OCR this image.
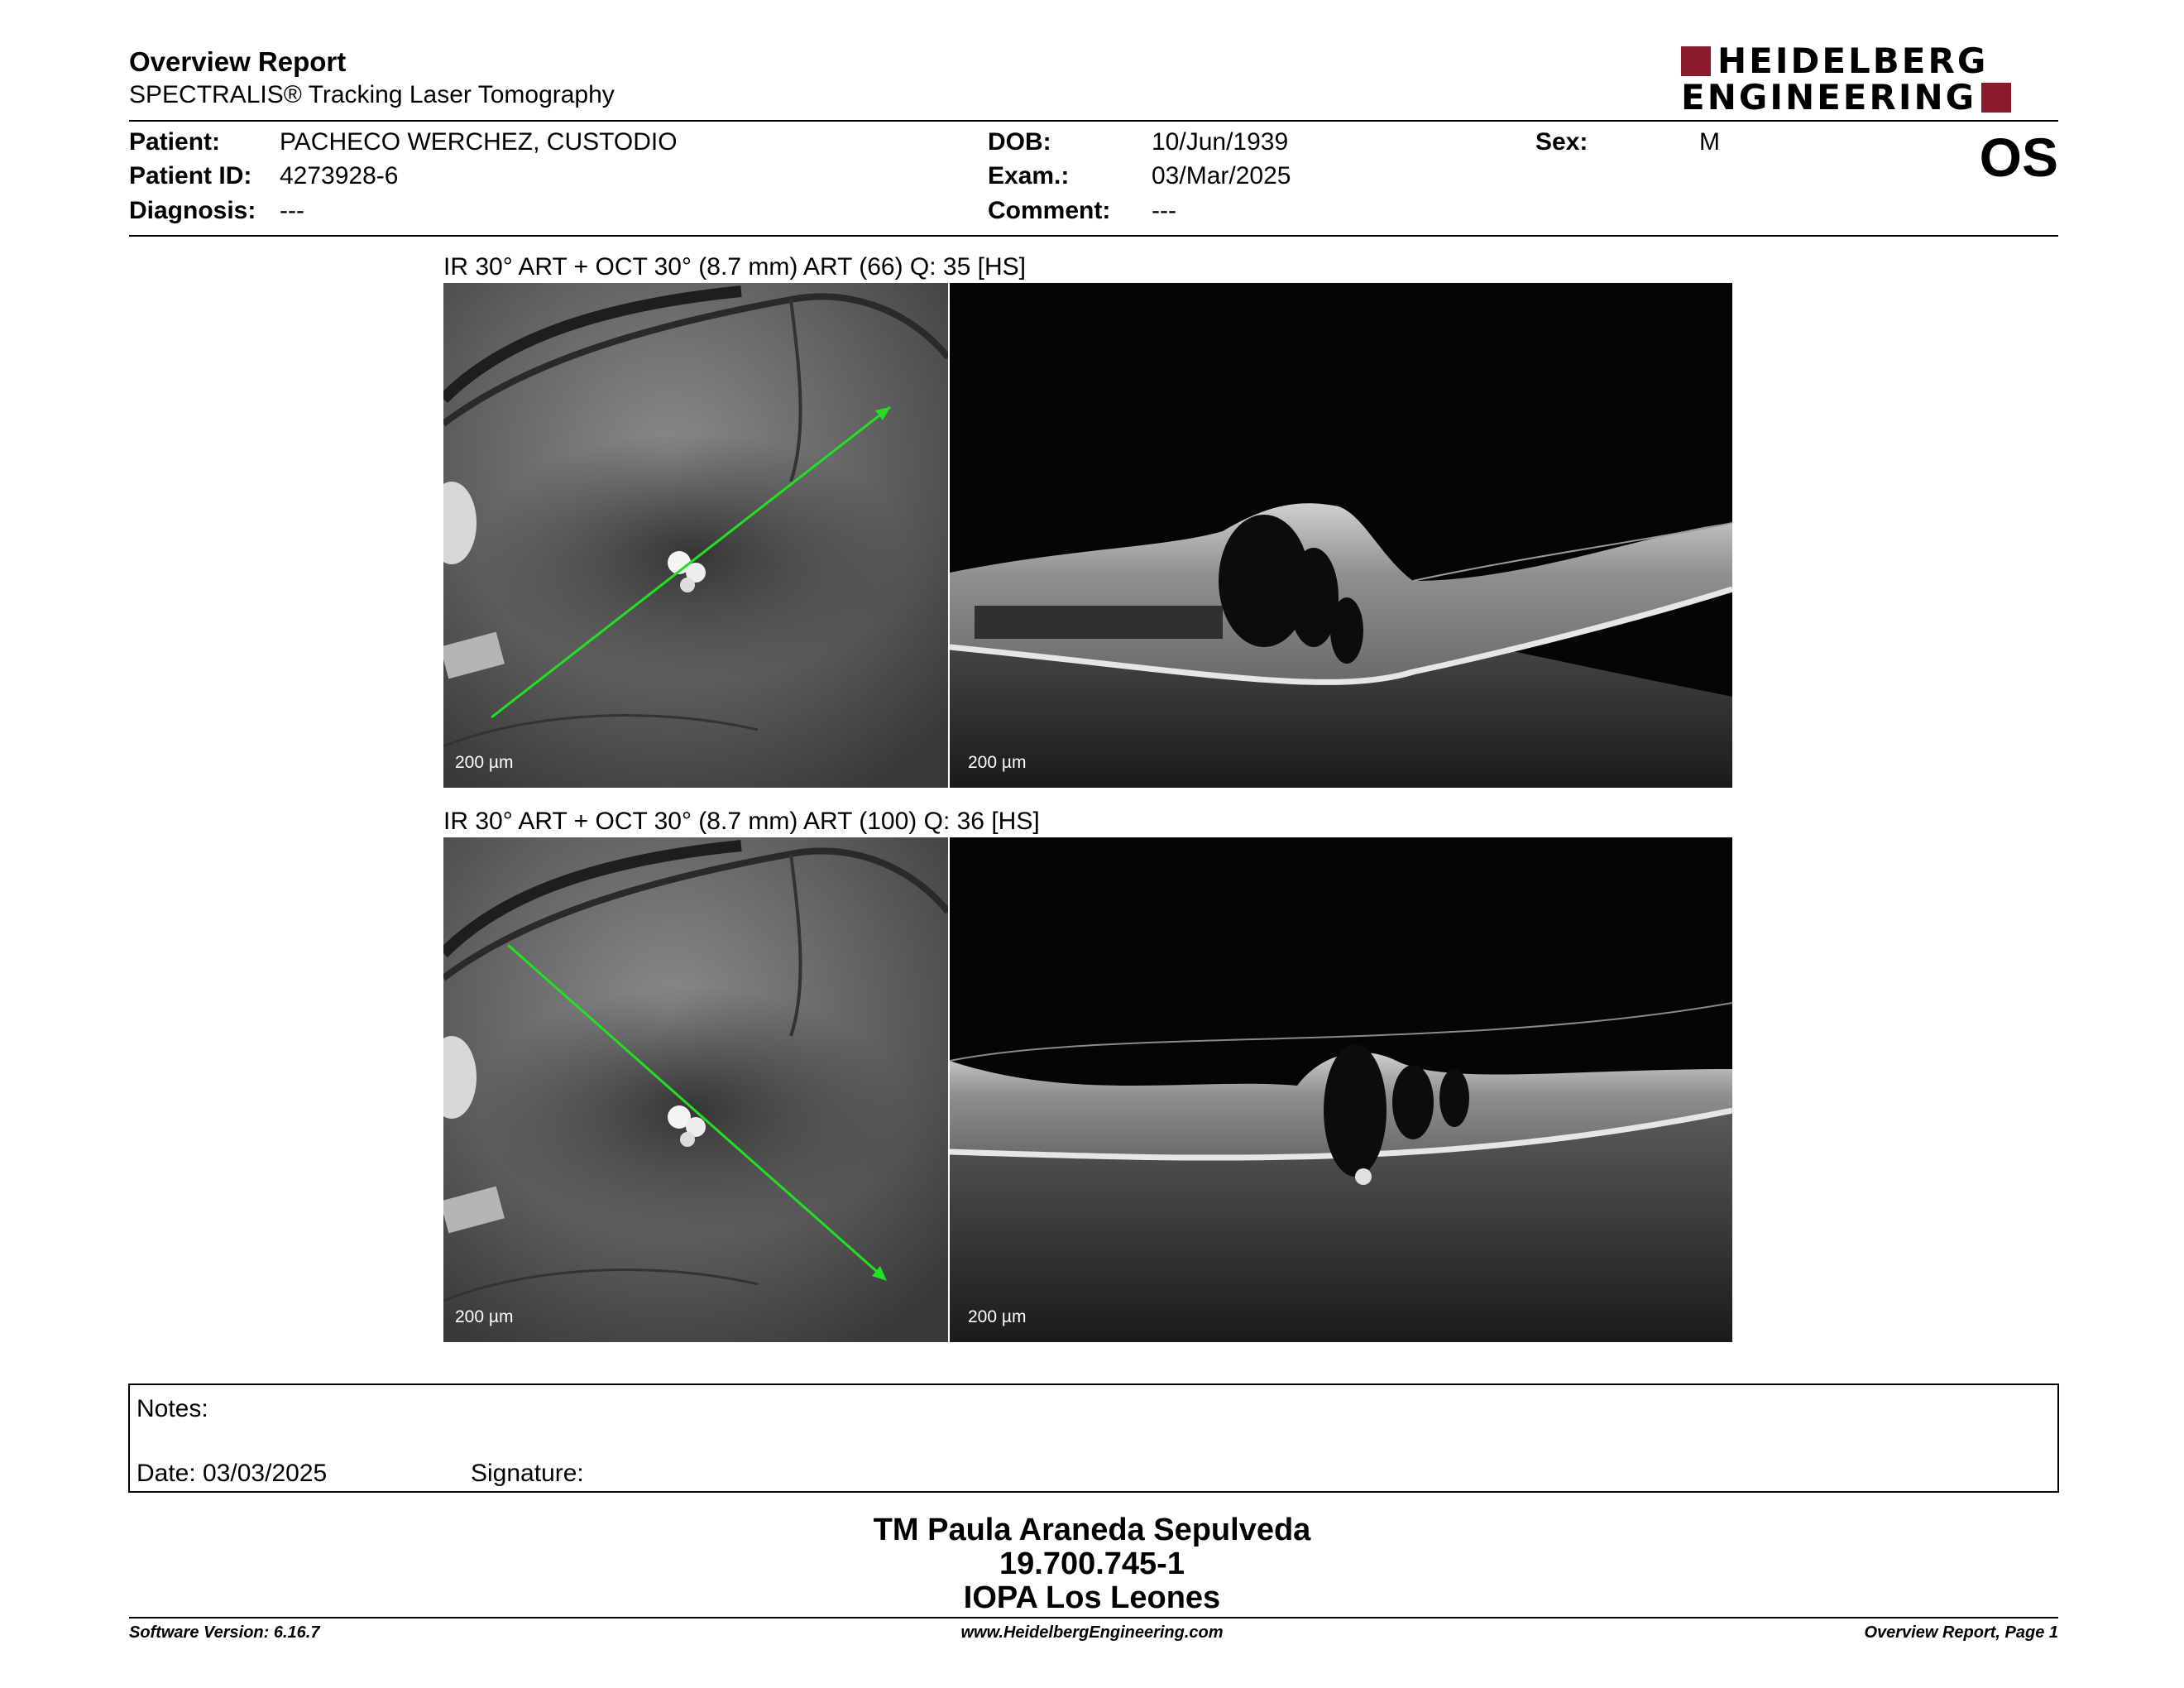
Overview Report
SPECTRALIS® Tracking Laser Tomography
HEIDELBERG
ENGINEERING
Patient: PACHECO WERCHEZ, CUSTODIO
Patient ID: 4273928-6
Diagnosis: ---
DOB:	10/Jun/1939
Exam.:	03/Mar/2025
Comment: ---
Sex:	M	OS
IR 30° ART + OCT 30° (8.7 mm) ART (66) Q: 35 [HS]
200 µm	200 µm
IR 30° ART + OCT 30° (8.7 mm) ART (100) Q: 36 [HS]
200 µm	200 µm
Notes:
Date: 03/03/2025	Signature:
TM Paula Araneda Sepulveda
19.700.745-1
IOPA Los Leones
Software Version: 6.16.7	www.HeidelbergEngineering.com	Overview Report, Page 1
